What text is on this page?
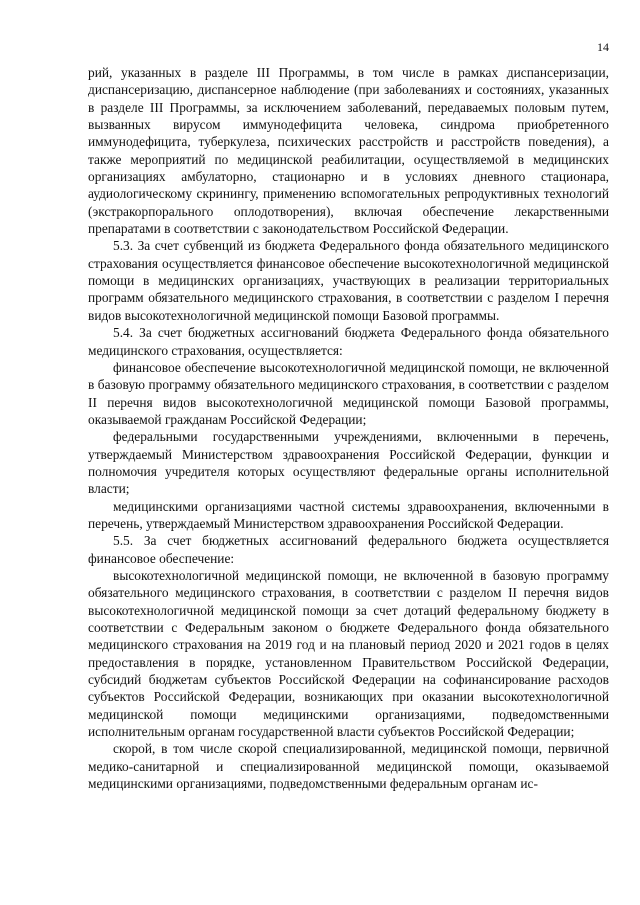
14

рий, указанных в разделе III Программы, в том числе в рамках диспансеризации, диспансеризацию, диспансерное наблюдение (при заболеваниях и состояниях, указанных в разделе III Программы, за исключением заболеваний, передаваемых половым путем, вызванных вирусом иммунодефицита человека, синдрома приобретенного иммунодефицита, туберкулеза, психических расстройств и расстройств поведения), а также мероприятий по медицинской реабилитации, осуществляемой в медицинских организациях амбулаторно, стационарно и в условиях дневного стационара, аудиологическому скринингу, применению вспомогательных репродуктивных технологий (экстракорпорального оплодотворения), включая обеспечение лекарственными препаратами в соответствии с законодательством Российской Федерации.

5.3. За счет субвенций из бюджета Федерального фонда обязательного медицинского страхования осуществляется финансовое обеспечение высокотехнологичной медицинской помощи в медицинских организациях, участвующих в реализации территориальных программ обязательного медицинского страхования, в соответствии с разделом I перечня видов высокотехнологичной медицинской помощи Базовой программы.

5.4. За счет бюджетных ассигнований бюджета Федерального фонда обязательного медицинского страхования, осуществляется:

финансовое обеспечение высокотехнологичной медицинской помощи, не включенной в базовую программу обязательного медицинского страхования, в соответствии с разделом II перечня видов высокотехнологичной медицинской помощи Базовой программы, оказываемой гражданам Российской Федерации;

федеральными государственными учреждениями, включенными в перечень, утверждаемый Министерством здравоохранения Российской Федерации, функции и полномочия учредителя которых осуществляют федеральные органы исполнительной власти;

медицинскими организациями частной системы здравоохранения, включенными в перечень, утверждаемый Министерством здравоохранения Российской Федерации.

5.5. За счет бюджетных ассигнований федерального бюджета осуществляется финансовое обеспечение:

высокотехнологичной медицинской помощи, не включенной в базовую программу обязательного медицинского страхования, в соответствии с разделом II перечня видов высокотехнологичной медицинской помощи за счет дотаций федеральному бюджету в соответствии с Федеральным законом о бюджете Федерального фонда обязательного медицинского страхования на 2019 год и на плановый период 2020 и 2021 годов в целях предоставления в порядке, установленном Правительством Российской Федерации, субсидий бюджетам субъектов Российской Федерации на софинансирование расходов субъектов Российской Федерации, возникающих при оказании высокотехнологичной медицинской помощи медицинскими организациями, подведомственными исполнительным органам государственной власти субъектов Российской Федерации;

скорой, в том числе скорой специализированной, медицинской помощи, первичной медико-санитарной и специализированной медицинской помощи, оказываемой медицинскими организациями, подведомственными федеральным органам ис-
